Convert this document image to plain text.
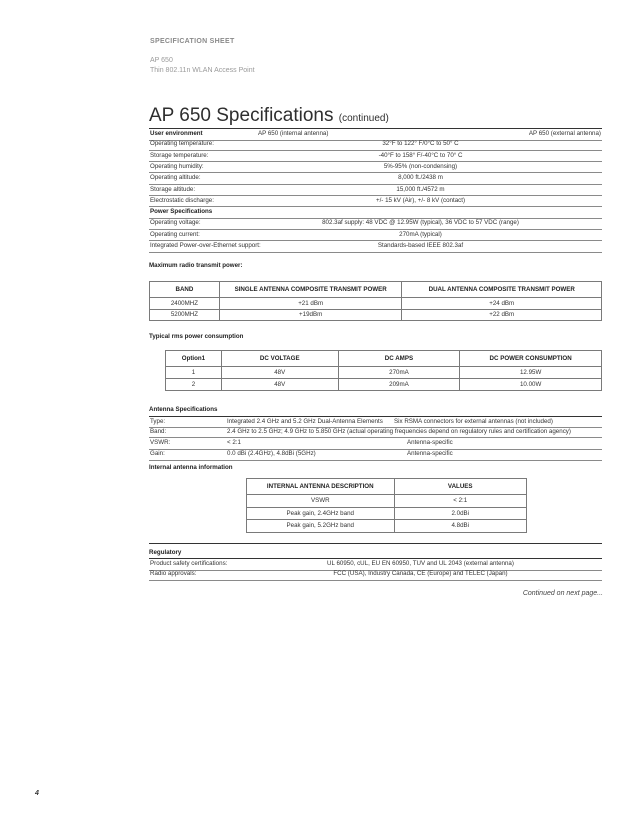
SPECIFICATION SHEET
AP 650
Thin 802.11n WLAN Access Point
AP 650 Specifications (continued)
User environment	AP 650 (internal antenna)	AP 650 (external antenna)
Operating temperature:	32°F to 122° F/0°C to 50° C
Storage temperature:	-40°F to 158° F/-40°C to 70° C
Operating humidity:	5%-95% (non-condensing)
Operating altitude:	8,000 ft./2438 m
Storage altitude:	15,000 ft./4572 m
Electrostatic discharge:	+/- 15 kV (Air), +/- 8 kV (contact)
Power Specifications
Operating voltage:	802.3af supply: 48 VDC @ 12.95W (typical), 36 VDC to 57 VDC (range)
Operating current:	270mA (typical)
Integrated Power-over-Ethernet support:	Standards-based IEEE 802.3af
Maximum radio transmit power:
BAND	SINGLE ANTENNA COMPOSITE TRANSMIT POWER	DUAL ANTENNA COMPOSITE TRANSMIT POWER
2400MHZ	+21 dBm	+24 dBm
5200MHZ	+19dBm	+22 dBm
Typical rms power consumption
Option1	DC VOLTAGE	DC AMPS	DC POWER CONSUMPTION
1	48V	270mA	12.95W
2	48V	209mA	10.00W
Antenna Specifications
Type:	Integrated 2.4 GHz and 5.2 GHz Dual-Antenna Elements Six RSMA connectors for external antennas (not included)
Band:	2.4 GHz to 2.5 GHz; 4.9 GHz to 5.850 GHz (actual operating frequencies depend on regulatory rules and certification agency)
VSWR:	< 2:1	Antenna-specific
Gain:	0.0 dBi (2.4GHz), 4.8dBi (5GHz)	Antenna-specific
Internal antenna information
INTERNAL ANTENNA DESCRIPTION	VALUES
VSWR	< 2:1
Peak gain, 2.4GHz band	2.0dBi
Peak gain, 5.2GHz band	4.8dBi
Regulatory
Product safety certifications:	UL 60950, cUL, EU EN 60950, TUV and UL 2043 (external antenna)
Radio approvals:	FCC (USA), Industry Canada, CE (Europe) and TELEC (Japan)
Continued on next page...
4
